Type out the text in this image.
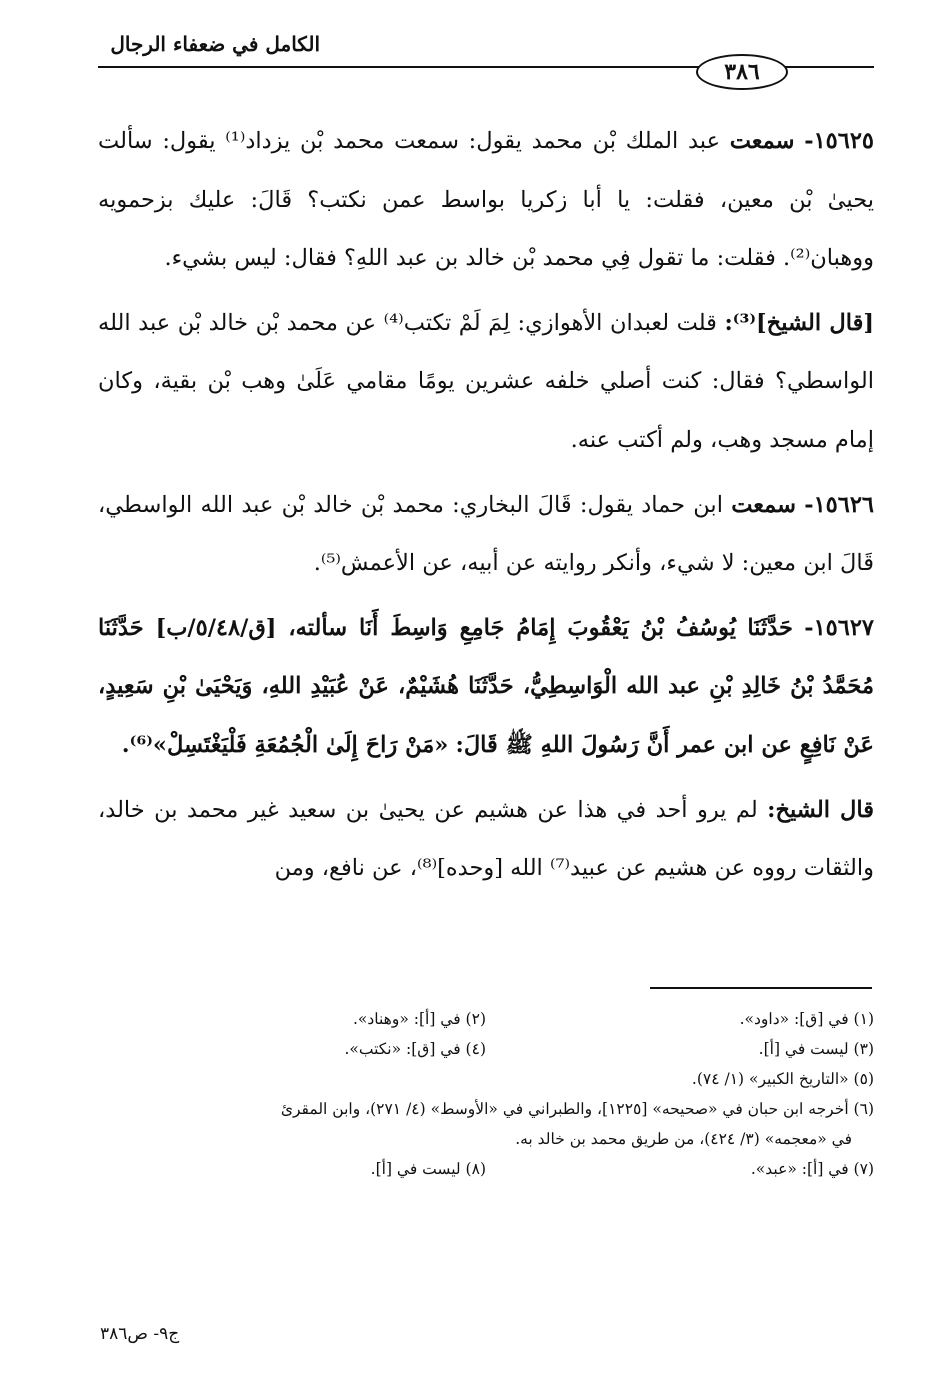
الكامل في ضعفاء الرجال
٣٨٦

١٥٦٢٥- سمعت عبد الملك بْن محمد يقول: سمعت محمد بْن يزداد⁽¹⁾ يقول: سألت يحيىٰ بْن معين، فقلت: يا أبا زكريا بواسط عمن نكتب؟ قَالَ: عليك بزحمويه ووهبان⁽²⁾. فقلت: ما تقول فِي محمد بْن خالد بن عبد اللهِ؟ فقال: ليس بشيء.

[قال الشيخ]⁽³⁾: قلت لعبدان الأهوازي: لِمَ لَمْ تكتب⁽⁴⁾ عن محمد بْن خالد بْن عبد الله الواسطي؟ فقال: كنت أصلي خلفه عشرين يومًا مقامي عَلَىٰ وهب بْن بقية، وكان إمام مسجد وهب، ولم أكتب عنه.

١٥٦٢٦- سمعت ابن حماد يقول: قَالَ البخاري: محمد بْن خالد بْن عبد الله الواسطي، قَالَ ابن معين: لا شيء، وأنكر روايته عن أبيه، عن الأعمش⁽⁵⁾.

١٥٦٢٧- حَدَّثَنَا يُوسُفُ بْنُ يَعْقُوبَ إِمَامُ جَامِعِ وَاسِطَ أَنَا سألته، [ق/٥/٤٨/ب] حَدَّثَنَا مُحَمَّدُ بْنُ خَالِدِ بْنِ عبد الله الْوَاسِطِيُّ، حَدَّثَنَا هُشَيْمٌ، عَنْ عُبَيْدِ اللهِ، وَيَحْيَىٰ بْنِ سَعِيدٍ، عَنْ نَافِعٍ عن ابن عمر أَنَّ رَسُولَ اللهِ ﷺ قَالَ: «مَنْ رَاحَ إِلَىٰ الْجُمُعَةِ فَلْيَغْتَسِلْ»⁽⁶⁾.

قال الشيخ: لم يرو أحد في هذا عن هشيم عن يحيىٰ بن سعيد غير محمد بن خالد، والثقات رووه عن هشيم عن عبيد⁽⁷⁾ الله [وحده]⁽⁸⁾، عن نافع، ومن

(١) في [ق]: «داود».
(٢) في [أ]: «وهناد».
(٣) ليست في [أ].
(٤) في [ق]: «نكتب».
(٥) «التاريخ الكبير» (١/ ٧٤).
(٦) أخرجه ابن حبان في «صحيحه» [١٢٢٥]، والطبراني في «الأوسط» (٤/ ٢٧١)، وابن المقرئ
في «معجمه» (٣/ ٤٢٤)، من طريق محمد بن خالد به.
(٧) في [أ]: «عبد».
(٨) ليست في [أ].
ج٩- ص٣٨٦
